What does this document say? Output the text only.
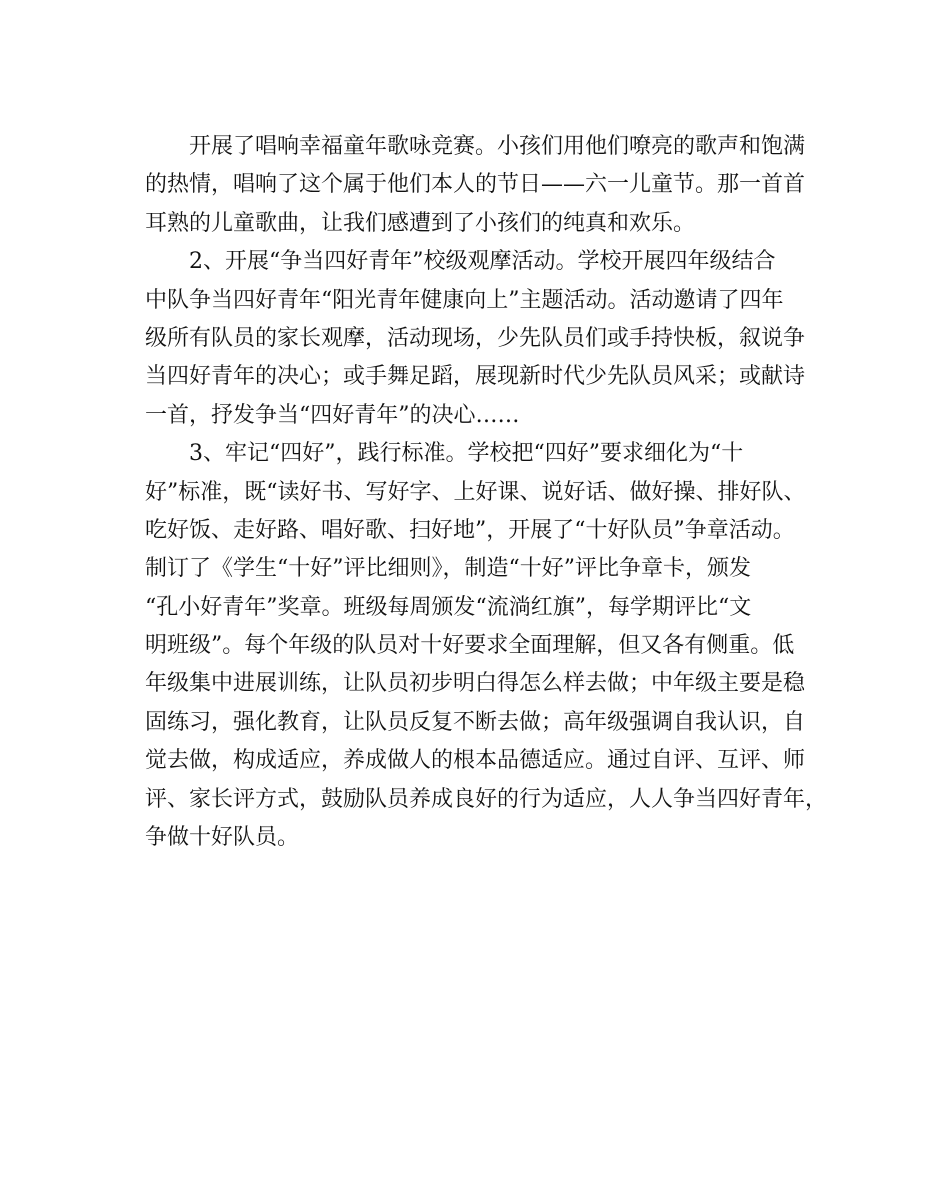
开展了唱响幸福童年歌咏竞赛。小孩们用他们嘹亮的歌声和饱满
的热情，唱响了这个属于他们本人的节日——六一儿童节。那一首首
耳熟的儿童歌曲，让我们感遭到了小孩们的纯真和欢乐。
2、开展“争当四好青年”校级观摩活动。学校开展四年级结合
中队争当四好青年“阳光青年健康向上”主题活动。活动邀请了四年
级所有队员的家长观摩，活动现场，少先队员们或手持快板，叙说争
当四好青年的决心；或手舞足蹈，展现新时代少先队员风采；或献诗
一首，抒发争当“四好青年”的决心……
3、牢记“四好”，践行标准。学校把“四好”要求细化为“十
好”标准，既“读好书、写好字、上好课、说好话、做好操、排好队、
吃好饭、走好路、唱好歌、扫好地”，开展了“十好队员”争章活动。
制订了《学生“十好”评比细则》，制造“十好”评比争章卡，颁发
“孔小好青年”奖章。班级每周颁发“流淌红旗”，每学期评比“文
明班级”。每个年级的队员对十好要求全面理解，但又各有侧重。低
年级集中进展训练，让队员初步明白得怎么样去做；中年级主要是稳
固练习，强化教育，让队员反复不断去做；高年级强调自我认识，自
觉去做，构成适应，养成做人的根本品德适应。通过自评、互评、师
评、家长评方式，鼓励队员养成良好的行为适应，人人争当四好青年，
争做十好队员。
